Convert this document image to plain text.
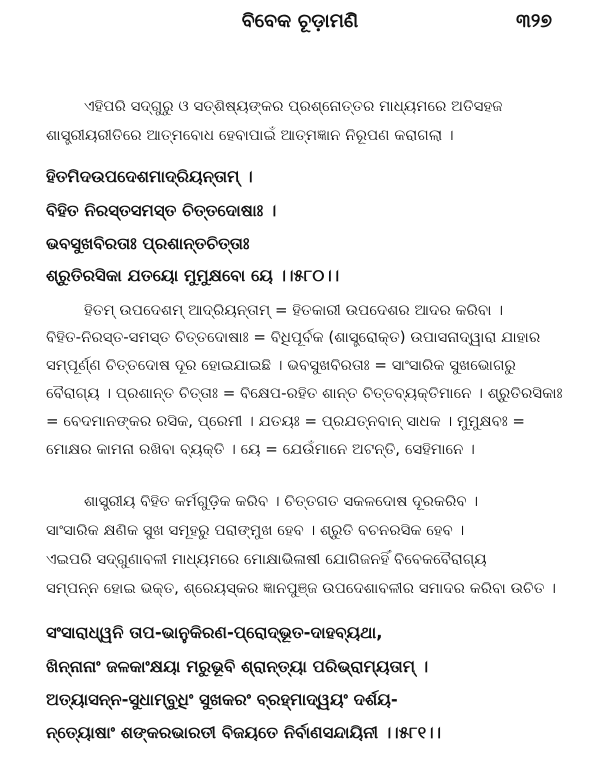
ବିବେକ ଚୂଡ଼ାମଣି	୩୨୭
ଏହିପରି ସଦ୍‌ଗୁରୁ ଓ ସତ୍‌ଶିଷ୍ୟଙ୍କର ପ୍ରଶ୍ନୋତ୍ତର ମାଧ୍ୟମରେ ଅତିସହଜ
ଶାସ୍ତ୍ରୀୟରୀତିରେ ଆତ୍ମବୋଧ ହେବାପାଇଁ ଆତ୍ମଜ୍ଞାନ ନିରୂପଣ କରାଗଲା ।
ହିତମିଦଉପଦେଶମାଦ୍ରିୟନ୍ତାମ୍ ।
ବିହିତ ନିରସ୍ତସମସ୍ତ ଚିତ୍ତଦୋଷାଃ ।
ଭବସୁଖବିରତାଃ ପ୍ରଶାନ୍ତଚିତ୍ତାଃ
ଶ୍ରୁତିରସିକା ଯତୟୋ ମୁମୁକ୍ଷବୋ ୟେ ।।୫୮୦।।
ହିତମ୍ ଉପଦେଶମ୍ ଆଦ୍ରିୟନ୍ତାମ୍ = ହିତକାରୀ ଉପଦେଶର ଆଦର କରିବା ।
ବିହିତ-ନିରସ୍ତ-ସମସ୍ତ ଚିତ୍ତଦୋଷାଃ = ବିଧିପୂର୍ବକ (ଶାସ୍ତ୍ରୋକ୍ତ) ଉପାସନାଦ୍ୱାରା ଯାହାର
ସମ୍ପୂର୍ଣ୍ଣ ଚିତ୍ତଦୋଷ ଦୂର ହୋଇଯାଇଛି । ଭବସୁଖବିରତାଃ = ସାଂସାରିକ ସୁଖଭୋଗରୁ
ବୈରାଗ୍ୟ । ପ୍ରଶାନ୍ତ ଚିତ୍ତାଃ = ବିକ୍ଷେପ-ରହିତ ଶାନ୍ତ ଚିତ୍ତବ୍ୟକ୍ତିମାନେ । ଶ୍ରୁତିରସିକାଃ
= ବେଦମାନଙ୍କର ରସିକ, ପ୍ରେମୀ । ଯତୟଃ = ପ୍ରଯତ୍ନବାନ୍ ସାଧକ । ମୁମୁକ୍ଷବଃ =
ମୋକ୍ଷର କାମନା ରଖିବା ବ୍ୟକ୍ତି । ୟେ = ଯେଉଁମାନେ ଅଟନ୍ତି, ସେହିମାନେ ।
ଶାସ୍ତ୍ରୀୟ ବିହିତ କର୍ମଗୁଡ଼ିକ କରିବ । ଚିତ୍ତଗତ ସକଳଦୋଷ ଦୂରକରିବ ।
ସାଂସାରିକ କ୍ଷଣିକ ସୁଖ ସମୂହରୁ ପରାଙ୍ମୁଖ ହେବ । ଶ୍ରୁତି ବଚନରସିକ ହେବ ।
ଏଇପରି ସଦ୍‌ଗୁଣାବଳୀ ମାଧ୍ୟମରେ ମୋକ୍ଷାଭିଳାଷୀ ଯୋଗିଜନହିଁ ବିବେକବୈରାଗ୍ୟ
ସମ୍ପନ୍ନ ହୋଇ ଭକ୍ତ, ଶ୍ରେୟସ୍କର ଜ୍ଞାନପୁଞ୍ଜ ଉପଦେଶାବଳୀର ସମାଦର କରିବା ଉଚିତ ।
ସଂସାରାଧ୍ୱନି ତାପ-ଭାନୁକିରଣ-ପ୍ରୋଦ୍ଭୂତ-ଦାହବ୍ୟଥା,
ଖିନ୍ନାନାଂ ଜଳକାଂକ୍ଷୟା ମରୁଭୂବି ଶ୍ରାନ୍ତ୍ୟା ପରିଭ୍ରାମ୍ୟତାମ୍ ।
ଅତ୍ୟାସନ୍ନ-ସୁଧାମ୍ବୁଧିଂ ସୁଖକରଂ ବ୍ରହ୍ମାଦ୍ୱୟଂ ଦର୍ଶୟ-
ନ୍ତ୍ୟୋଷାଂ ଶଙ୍କରଭାରତୀ ବିଜୟତେ ନିର୍ବାଣସନ୍ଦାୟିନୀ ।।୫୮୧।।
